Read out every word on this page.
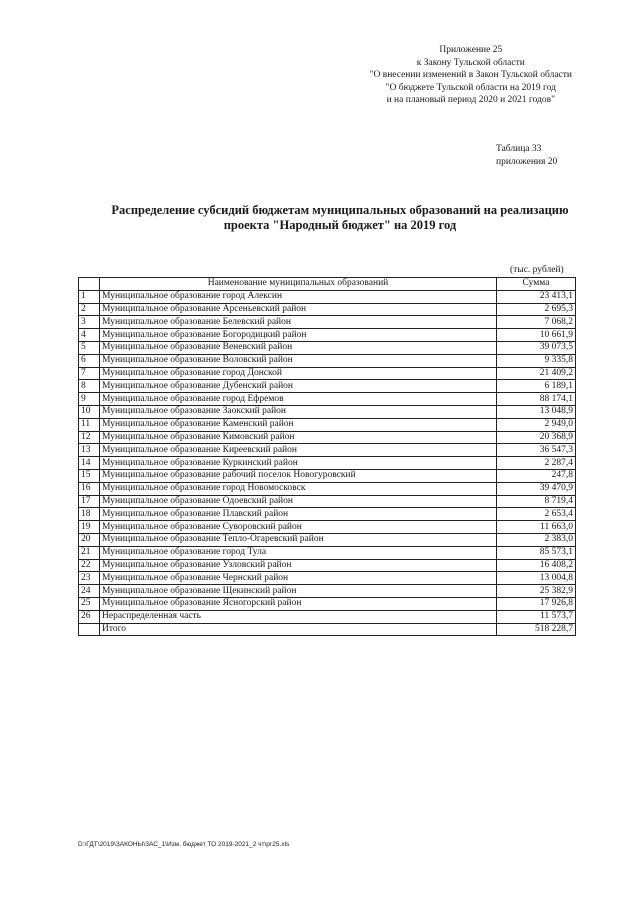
Приложение 25
к Закону Тульской области
"О внесении изменений в Закон Тульской области
"О бюджете Тульской области на 2019 год
и на плановый период 2020 и 2021 годов"
Таблица 33
приложения 20
Распределение субсидий бюджетам муниципальных образований на реализацию
проекта "Народный бюджет" на 2019 год
(тыс. рублей)
	Наименование муниципальных образований	Сумма
1	Муниципальное образование город Алексин	23 413,1
2	Муниципальное образование Арсеньевский район	2 695,3
3	Муниципальное образование Белевский район	7 068,2
4	Муниципальное образование Богородицкий район	10 661,9
5	Муниципальное образование Веневский район	39 073,5
6	Муниципальное образование Воловский район	9 335,8
7	Муниципальное образование город Донской	21 409,2
8	Муниципальное образование Дубенский район	6 189,1
9	Муниципальное образование город Ефремов	88 174,1
10	Муниципальное образование Заокский район	13 048,9
11	Муниципальное образование Каменский район	2 949,0
12	Муниципальное образование Кимовский район	20 368,9
13	Муниципальное образование Киреевский район	36 547,3
14	Муниципальное образование Куркинский район	2 287,4
15	Муниципальное образование рабочий поселок Новогуровский	247,8
16	Муниципальное образование город Новомосковск	39 470,9
17	Муниципальное образование Одоевский район	8 719,4
18	Муниципальное образование Плавский район	2 653,4
19	Муниципальное образование Суворовский район	11 663,0
20	Муниципальное образование Тепло-Огаревский район	2 383,0
21	Муниципальное образование город Тула	85 573,1
22	Муниципальное образование Узловский район	16 408,2
23	Муниципальное образование Чернский район	13 004,8
24	Муниципальное образование Щекинский район	25 382,9
25	Муниципальное образование Ясногорский район	17 926,8
26	Нераспределенная часть	11 573,7
	Итого	518 228,7
D:\ГДТ\2019\ЗАКОНЫ\ЗАС_1\Изм. бюджет ТО 2019-2021_2 чт\рг25.xls
